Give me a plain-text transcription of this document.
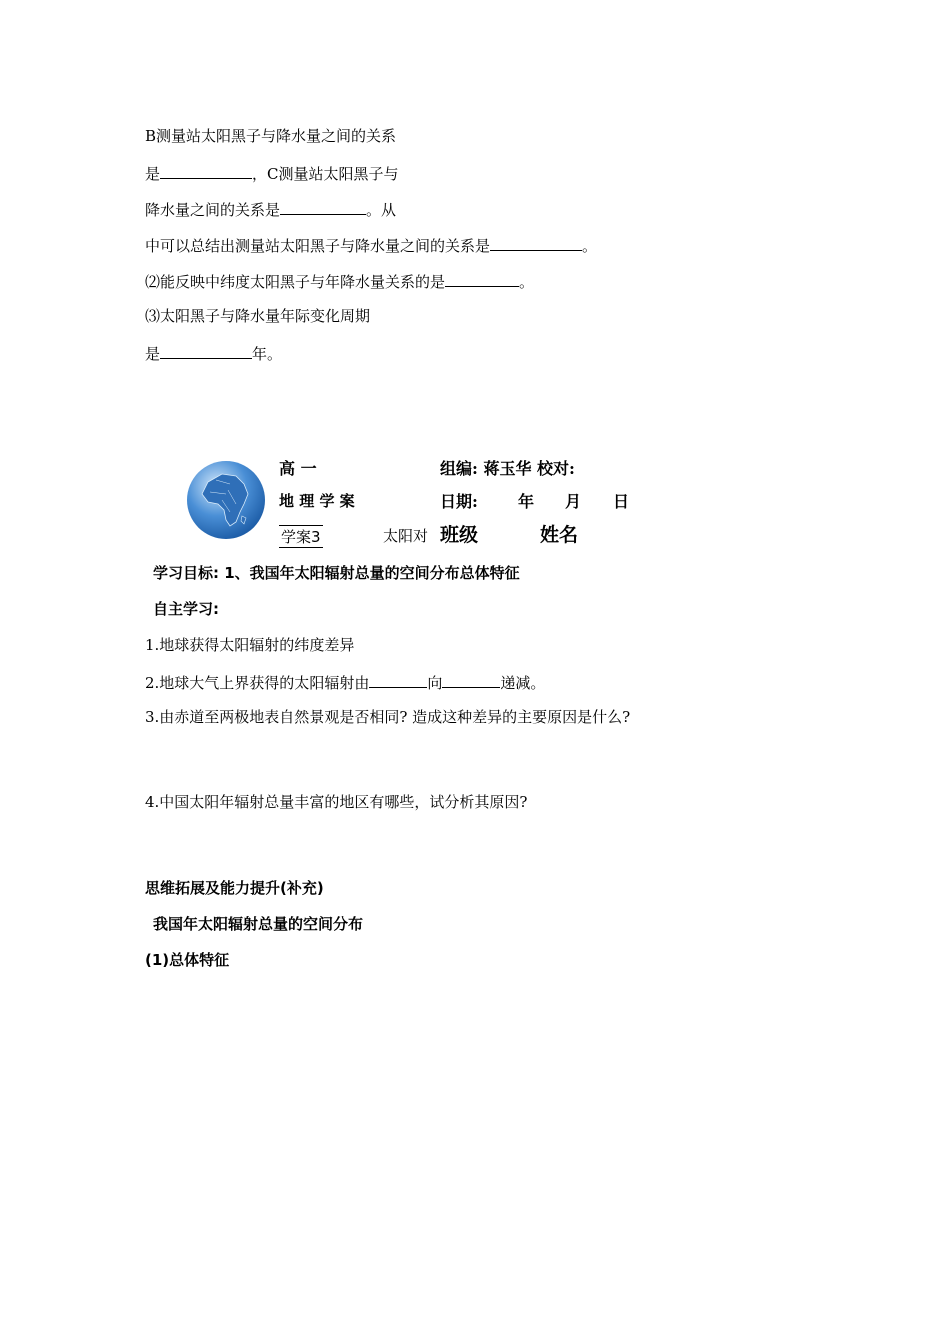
B测量站太阳黑子与降水量之间的关系
是	，C测量站太阳黑子与
降水量之间的关系是	。从
中可以总结出测量站太阳黑子与降水量之间的关系是	。
⑵能反映中纬度太阳黑子与年降水量关系的是	。
⑶太阳黑子与降水量年际变化周期
是	年。
高 一
地 理 学 案
学案3	太阳对
组编: 蒋玉华 校对:
日期:	年 月 日
班级	姓名
学习目标: 1、我国年太阳辐射总量的空间分布总体特征
自主学习:
1.地球获得太阳辐射的纬度差异
2.地球大气上界获得的太阳辐射由	向	递减。
3.由赤道至两极地表自然景观是否相同? 造成这种差异的主要原因是什么?
4.中国太阳年辐射总量丰富的地区有哪些，试分析其原因?
思维拓展及能力提升(补充)
我国年太阳辐射总量的空间分布
(1)总体特征
